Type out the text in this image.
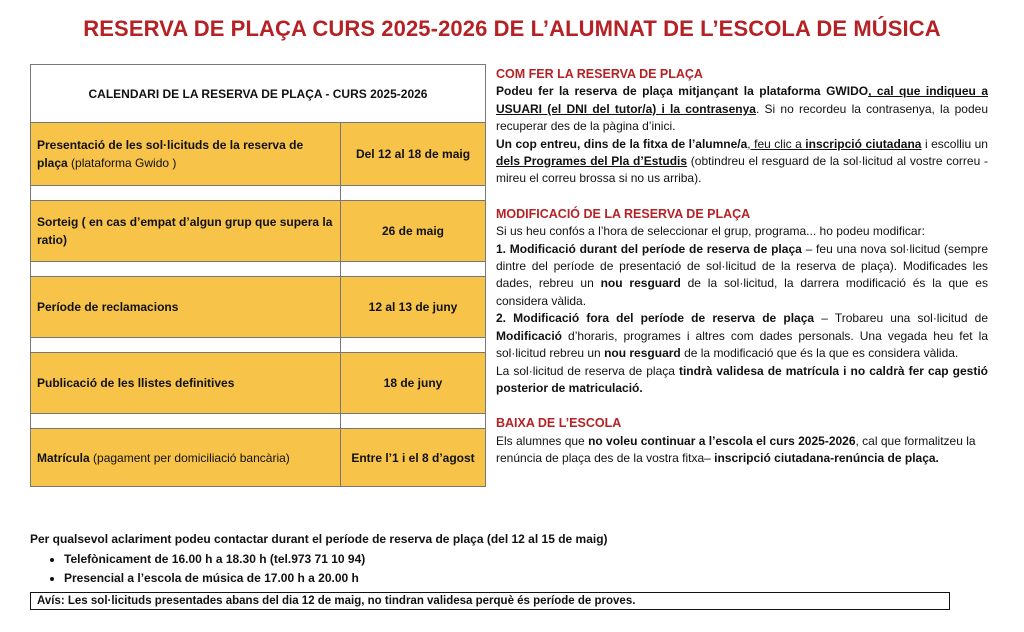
RESERVA DE PLAÇA CURS 2025-2026 DE L’ALUMNAT DE L’ESCOLA DE MÚSICA
CALENDARI DE LA RESERVA DE PLAÇA - CURS 2025-2026	
Presentació de les sol·licituds de la reserva de plaça (plataforma Gwido )	Del 12 al 18 de maig

Sorteig ( en cas d’empat d’algun grup que supera la ratio)	26 de maig

Període de reclamacions	12 al 13 de juny

Publicació de les llistes definitives	18 de juny

Matrícula (pagament per domiciliació bancària)	Entre l’1 i el 8 d’agost
COM FER LA RESERVA DE PLAÇA

Podeu fer la reserva de plaça mitjançant la plataforma GWIDO, cal que indiqueu a USUARI (el DNI del tutor/a) i la contrasenya. Si no recordeu la contrasenya, la podeu recuperar des de la pàgina d’inici.

Un cop entreu, dins de la fitxa de l’alumne/a, feu clic a inscripció ciutadana i escolliu un dels Programes del Pla d’Estudis (obtindreu el resguard de la sol·licitud al vostre correu - mireu el correu brossa si no us arriba).

MODIFICACIÓ DE LA RESERVA DE PLAÇA

Si us heu confós a l’hora de seleccionar el grup, programa... ho podeu modificar:

1. Modificació durant del període de reserva de plaça – feu una nova sol·licitud (sempre dintre del període de presentació de sol·licitud de la reserva de plaça). Modificades les dades, rebreu un nou resguard de la sol·licitud, la darrera modificació és la que es considera vàlida.

2. Modificació fora del període de reserva de plaça – Trobareu una sol·licitud de Modificació d’horaris, programes i altres com dades personals. Una vegada heu fet la sol·licitud rebreu un nou resguard de la modificació que és la que es considera vàlida.

La sol·licitud de reserva de plaça tindrà validesa de matrícula i no caldrà fer cap gestió posterior de matriculació.

BAIXA DE L’ESCOLA

Els alumnes que no voleu continuar a l’escola el curs 2025-2026, cal que formalitzeu la renúncia de plaça des de la vostra fitxa– inscripció ciutadana-renúncia de plaça.

Per qualsevol aclariment podeu contactar durant el període de reserva de plaça (del 12 al 15 de maig)
• Telefònicament de 16.00 h a 18.30 h (tel.973 71 10 94)
• Presencial a l’escola de música de 17.00 h a 20.00 h
Avís: Les sol·licituds presentades abans del dia 12 de maig, no tindran validesa perquè és període de proves.
